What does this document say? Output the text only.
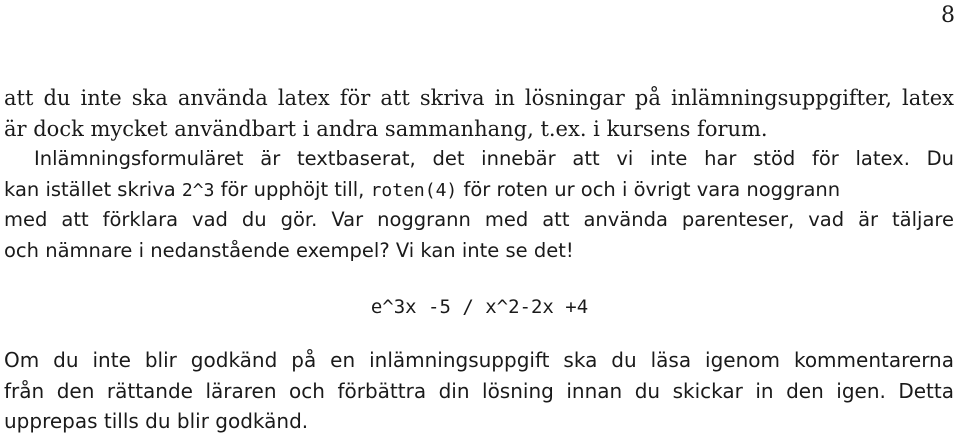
8
att du inte ska använda latex för att skriva in lösningar på inlämningsuppgifter, latex
är dock mycket användbart i andra sammanhang, t.ex. i kursens forum.
Inlämningsformuläret är textbaserat, det innebär att vi inte har stöd för latex. Du
kan istället skriva 2^3 för upphöjt till, roten(4) för roten ur och i övrigt vara noggrann
med att förklara vad du gör. Var noggrann med att använda parenteser, vad är täljare
och nämnare i nedanstående exempel? Vi kan inte se det!
e^3x -5 / x^2-2x +4
Om du inte blir godkänd på en inlämningsuppgift ska du läsa igenom kommentarerna
från den rättande läraren och förbättra din lösning innan du skickar in den igen. Detta
upprepas tills du blir godkänd.
